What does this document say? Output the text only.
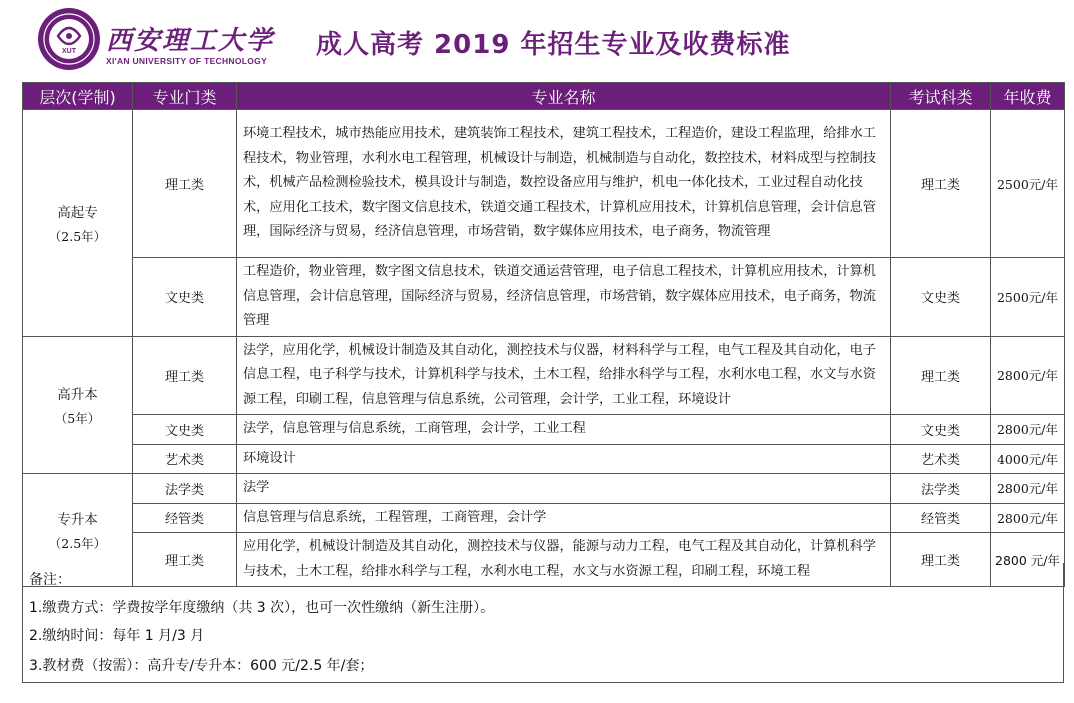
XUT 西安理工大学
XI'AN UNIVERSITY OF TECHNOLOGY
成人高考 2019 年招生专业及收费标准
层次(学制)	专业门类	专业名称	考试科类	年收费

高起专
（2.5年）	理工类	环境工程技术，城市热能应用技术，建筑装饰工程技术，建筑工程技术，工程造价，建设工程监理，给排水工程技术，物业管理，水利水电工程管理，机械设计与制造，机械制造与自动化，数控技术，材料成型与控制技术，机械产品检测检验技术，模具设计与制造，数控设备应用与维护，机电一体化技术，工业过程自动化技术，应用化工技术，数字图文信息技术，铁道交通工程技术，计算机应用技术，计算机信息管理，会计信息管理，国际经济与贸易，经济信息管理，市场营销，数字媒体应用技术，电子商务，物流管理	理工类	2500元/年
	文史类	工程造价，物业管理，数字图文信息技术，铁道交通运营管理，电子信息工程技术，计算机应用技术，计算机信息管理，会计信息管理，国际经济与贸易，经济信息管理，市场营销，数字媒体应用技术，电子商务，物流管理	文史类	2500元/年

高升本
（5年）	理工类	法学，应用化学，机械设计制造及其自动化，测控技术与仪器，材料科学与工程，电气工程及其自动化，电子信息工程，电子科学与技术，计算机科学与技术，土木工程，给排水科学与工程，水利水电工程，水文与水资源工程，印刷工程，信息管理与信息系统，公司管理，会计学，工业工程，环境设计	理工类	2800元/年
	文史类	法学，信息管理与信息系统，工商管理，会计学，工业工程	文史类	2800元/年
	艺术类	环境设计	艺术类	4000元/年

专升本
（2.5年）	法学类	法学	法学类	2800元/年
	经管类	信息管理与信息系统，工程管理，工商管理，会计学	经管类	2800元/年
	理工类	应用化学，机械设计制造及其自动化，测控技术与仪器，能源与动力工程，电气工程及其自动化，计算机科学与技术，土木工程，给排水科学与工程，水利水电工程，水文与水资源工程，印刷工程，环境工程	理工类	2800 元/年
备注：
1.缴费方式：学费按学年度缴纳（共 3 次），也可一次性缴纳（新生注册）。
2.缴纳时间：每年 1 月/3 月
3.教材费（按需）：高升专/专升本：600 元/2.5 年/套；
